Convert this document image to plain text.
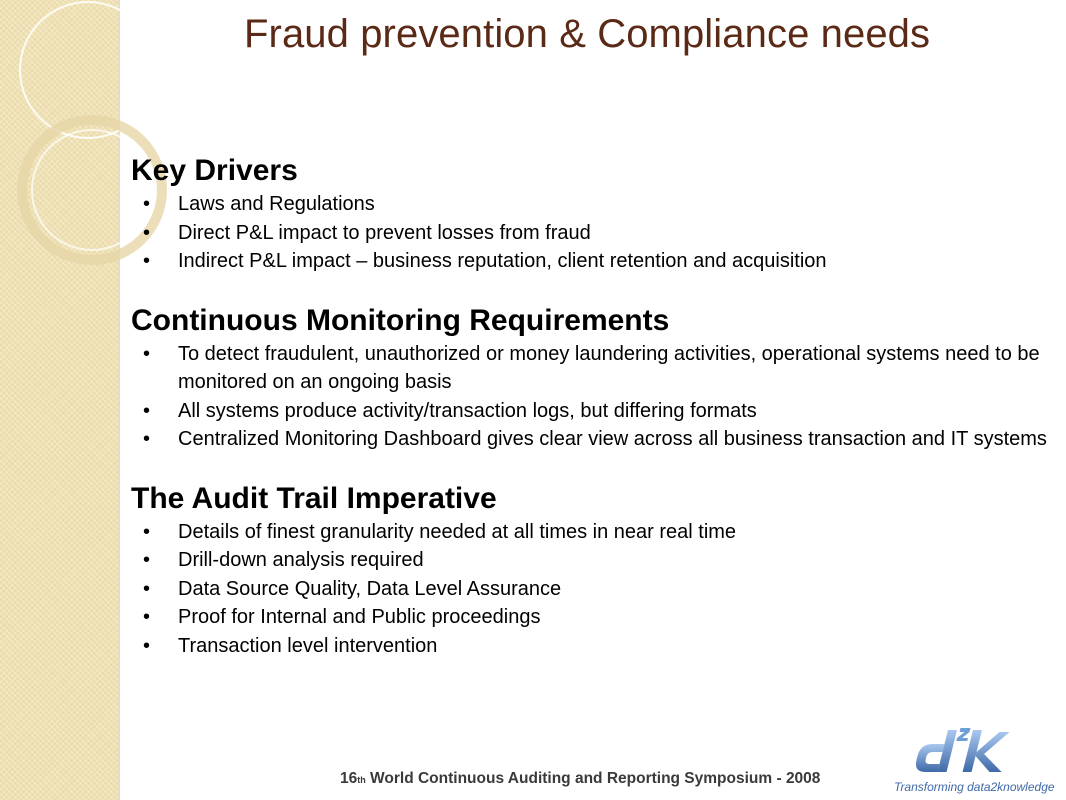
Fraud prevention & Compliance needs
Key Drivers
• Laws and Regulations
• Direct P&L impact to prevent losses from fraud
• Indirect P&L impact – business reputation, client retention and acquisition
Continuous Monitoring Requirements
• To detect fraudulent, unauthorized or money laundering activities, operational systems need to be monitored on an ongoing basis
• All systems produce activity/transaction logs, but differing formats
• Centralized Monitoring Dashboard gives clear view across all business transaction and IT systems
The Audit Trail Imperative
• Details of finest granularity needed at all times in near real time
• Drill-down analysis required
• Data Source Quality, Data Level Assurance
• Proof for Internal and Public proceedings
• Transaction level intervention
16th World Continuous Auditing and Reporting Symposium - 2008	Transforming data2knowledge
